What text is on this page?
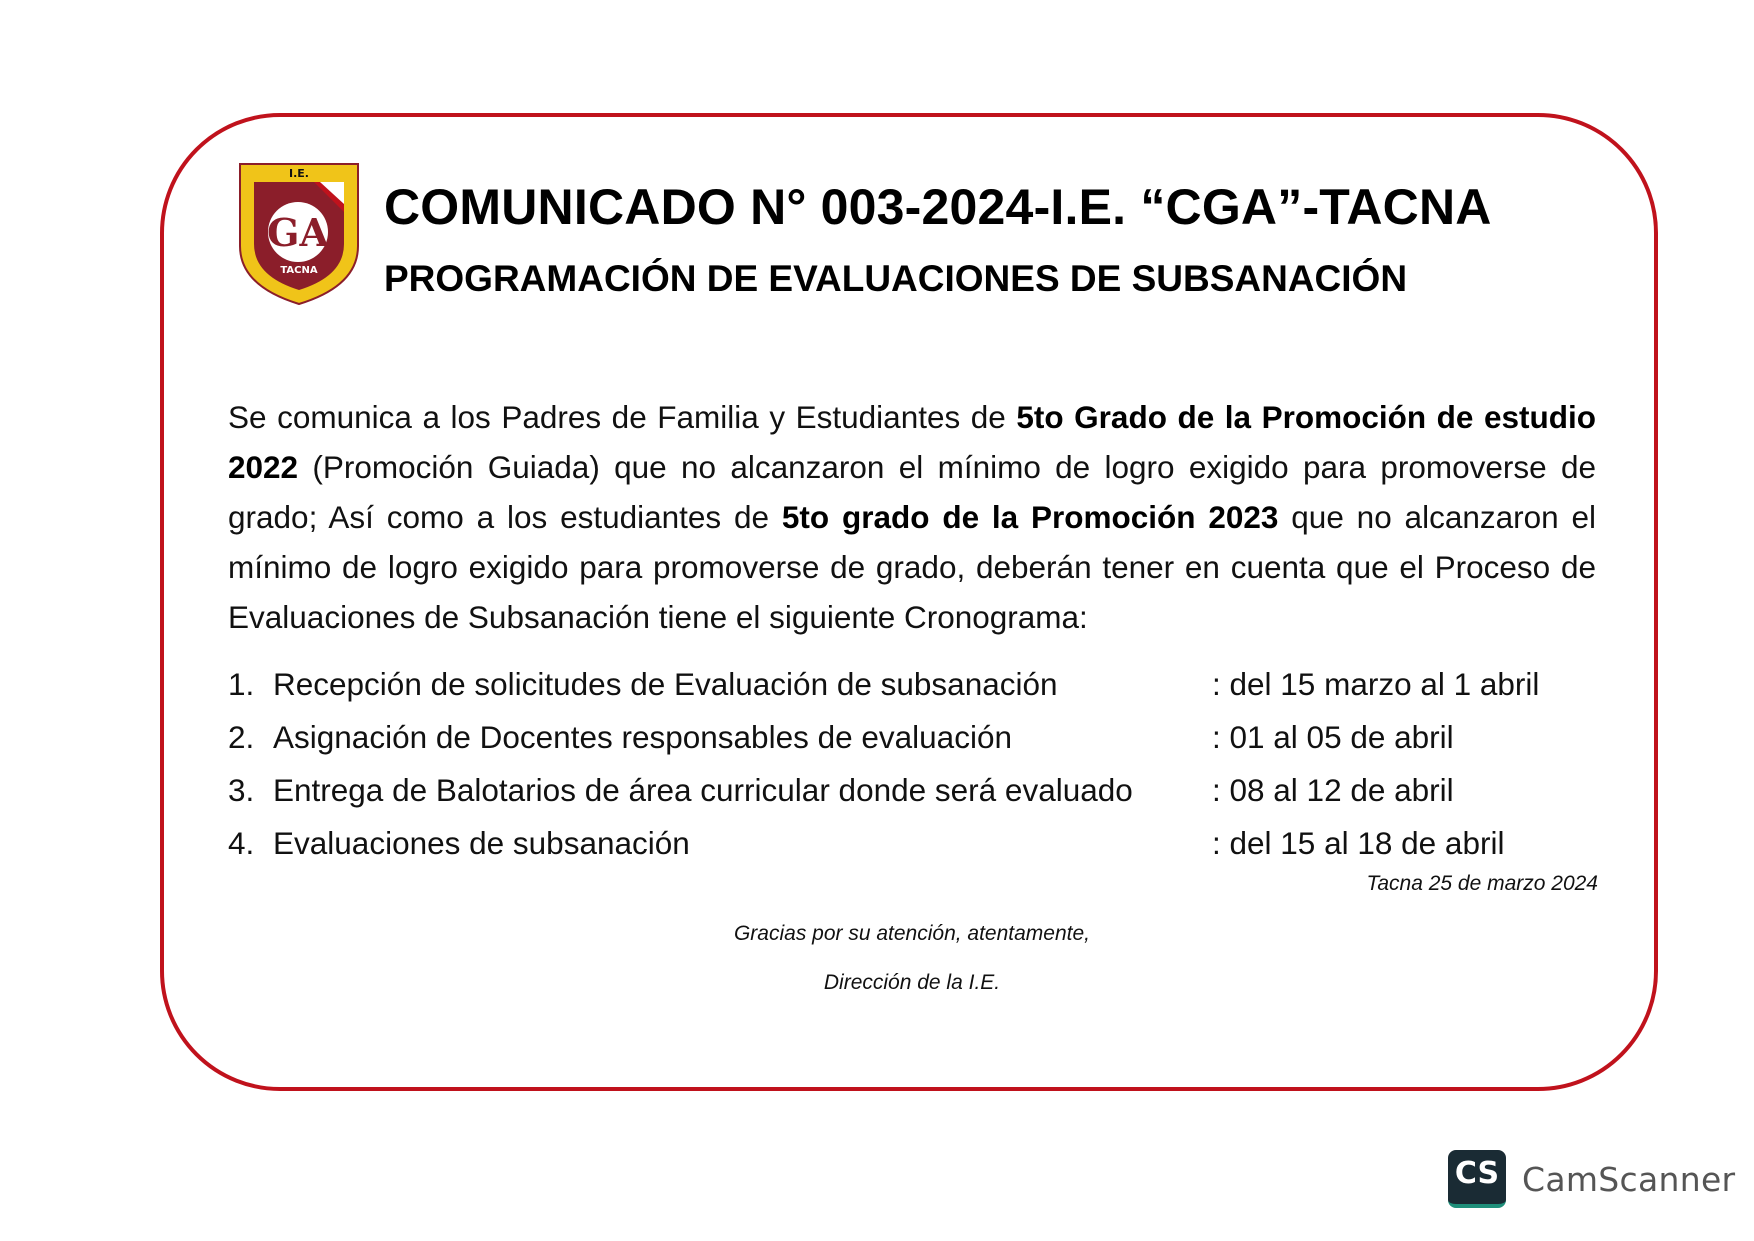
I.E.
GA
TACNA
COMUNICADO N° 003-2024-I.E. “CGA”-TACNA
PROGRAMACIÓN DE EVALUACIONES DE SUBSANACIÓN
Se comunica a los Padres de Familia y Estudiantes de 5to Grado de la Promoción de estudio 2022 (Promoción Guiada) que no alcanzaron el mínimo de logro exigido para promoverse de grado; Así como a los estudiantes de 5to grado de la Promoción 2023 que no alcanzaron el mínimo de logro exigido para promoverse de grado, deberán tener en cuenta que el Proceso de Evaluaciones de Subsanación tiene el siguiente Cronograma:
1. Recepción de solicitudes de Evaluación de subsanación	: del 15 marzo al 1 abril
2. Asignación de Docentes responsables de evaluación	: 01 al 05 de abril
3. Entrega de Balotarios de área curricular donde será evaluado	: 08 al 12 de abril
4. Evaluaciones de subsanación	: del 15 al 18 de abril
Tacna 25 de marzo 2024
Gracias por su atención, atentamente,
Dirección de la I.E.
CS CamScanner
